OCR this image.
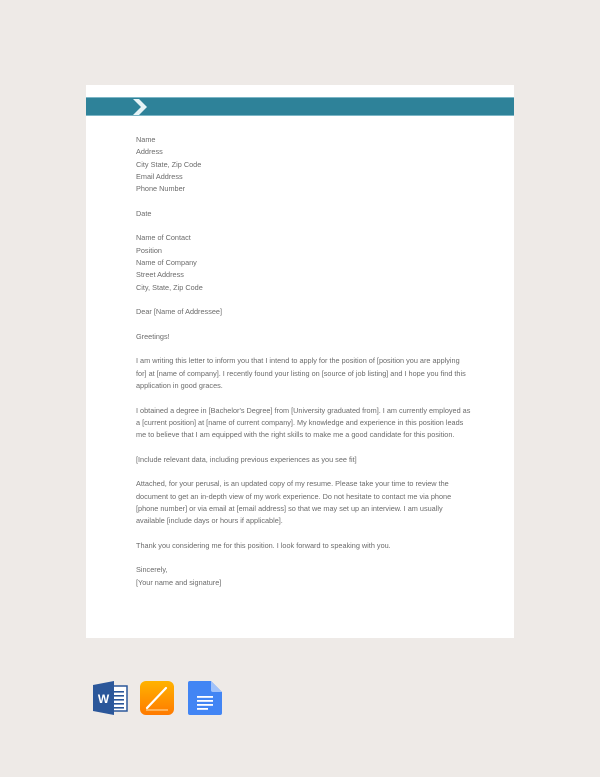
Name
Address
City State, Zip Code
Email Address
Phone Number

Date

Name of Contact
Position
Name of Company
Street Address
City, State, Zip Code

Dear [Name of Addressee]

Greetings!

I am writing this letter to inform you that I intend to apply for the position of [position you are applying
for] at [name of company]. I recently found your listing on [source of job listing] and I hope you find this
application in good graces.

I obtained a degree in [Bachelor's Degree] from [University graduated from]. I am currently employed as
a [current position] at [name of current company]. My knowledge and experience in this position leads
me to believe that I am equipped with the right skills to make me a good candidate for this position.

[Include relevant data, including previous experiences as you see fit]

Attached, for your perusal, is an updated copy of my resume. Please take your time to review the
document to get an in-depth view of my work experience. Do not hesitate to contact me via phone
[phone number] or via email at [email address] so that we may set up an interview. I am usually
available [include days or hours if applicable].

Thank you considering me for this position. I look forward to speaking with you.

Sincerely,
[Your name and signature]

W
